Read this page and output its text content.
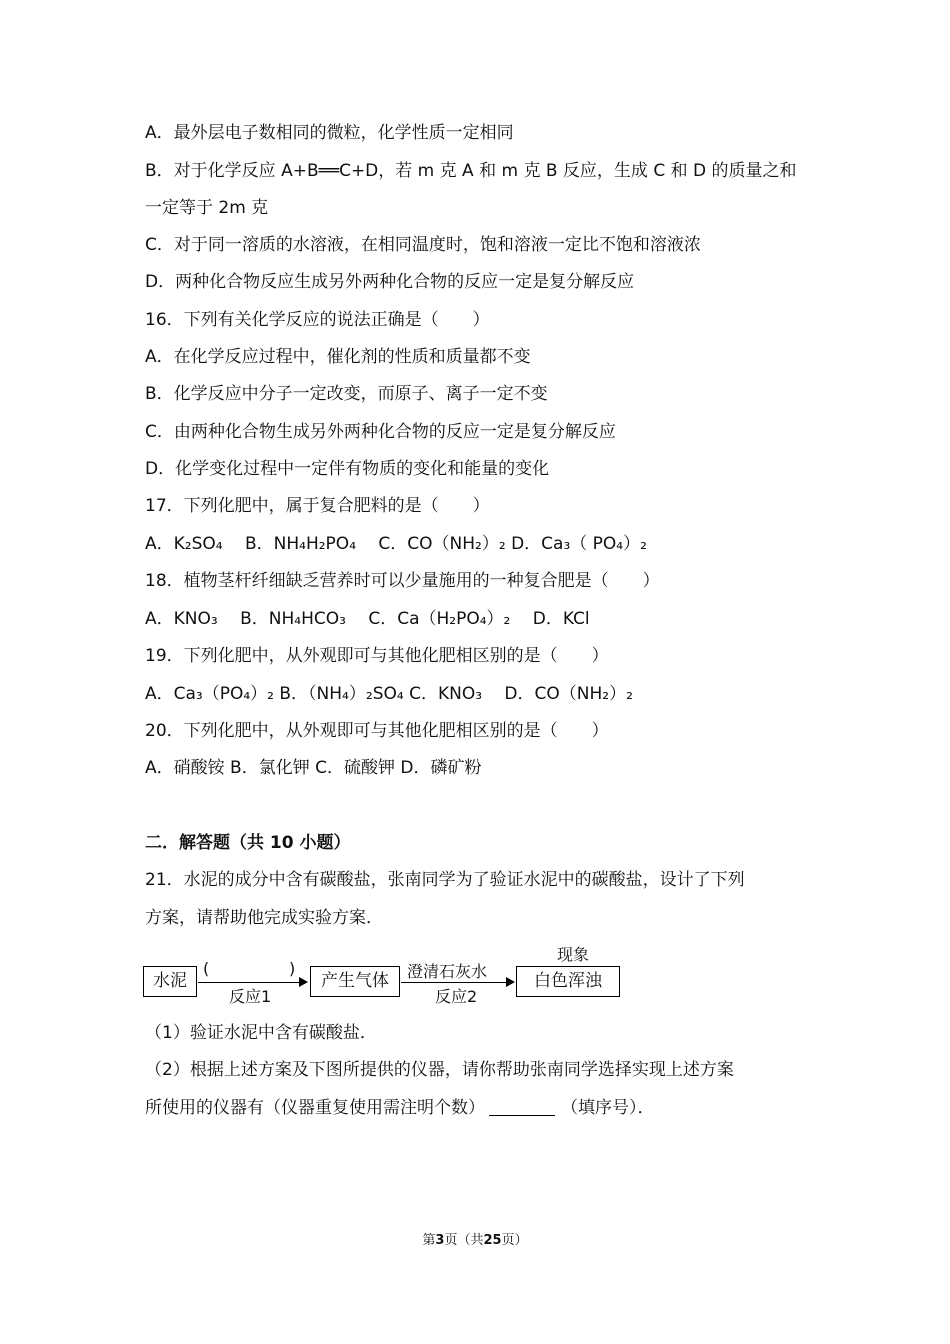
A．最外层电子数相同的微粒，化学性质一定相同
B．对于化学反应 A+B══C+D，若 m 克 A 和 m 克 B 反应，生成 C 和 D 的质量之和
一定等于 2m 克
C．对于同一溶质的水溶液，在相同温度时，饱和溶液一定比不饱和溶液浓
D．两种化合物反应生成另外两种化合物的反应一定是复分解反应
16．下列有关化学反应的说法正确是（　　）
A．在化学反应过程中，催化剂的性质和质量都不变
B．化学反应中分子一定改变，而原子、离子一定不变
C．由两种化合物生成另外两种化合物的反应一定是复分解反应
D．化学变化过程中一定伴有物质的变化和能量的变化
17．下列化肥中，属于复合肥料的是（　　）
A．K₂SO₄　 B．NH₄H₂PO₄　 C．CO（NH₂）₂ D．Ca₃（ PO₄）₂
18．植物茎杆纤细缺乏营养时可以少量施用的一种复合肥是（　　）
A．KNO₃　 B．NH₄HCO₃　 C．Ca（H₂PO₄）₂　 D．KCl
19．下列化肥中，从外观即可与其他化肥相区别的是（　　）
A．Ca₃（PO₄）₂ B．（NH₄）₂SO₄ C．KNO₃　 D．CO（NH₂）₂
20．下列化肥中，从外观即可与其他化肥相区别的是（　　）
A．硝酸铵 B．氯化钾 C．硫酸钾 D．磷矿粉
二．解答题（共 10 小题）
21．水泥的成分中含有碳酸盐，张南同学为了验证水泥中的碳酸盐，设计了下列
方案，请帮助他完成实验方案．
水泥
(	)
反应1
产生气体	澄清石灰水
反应2
现象
白色浑浊
（1）验证水泥中含有碳酸盐．
（2）根据上述方案及下图所提供的仪器，请你帮助张南同学选择实现上述方案
所使用的仪器有（仪器重复使用需注明个数）	（填序号）．
第3页（共25页）
